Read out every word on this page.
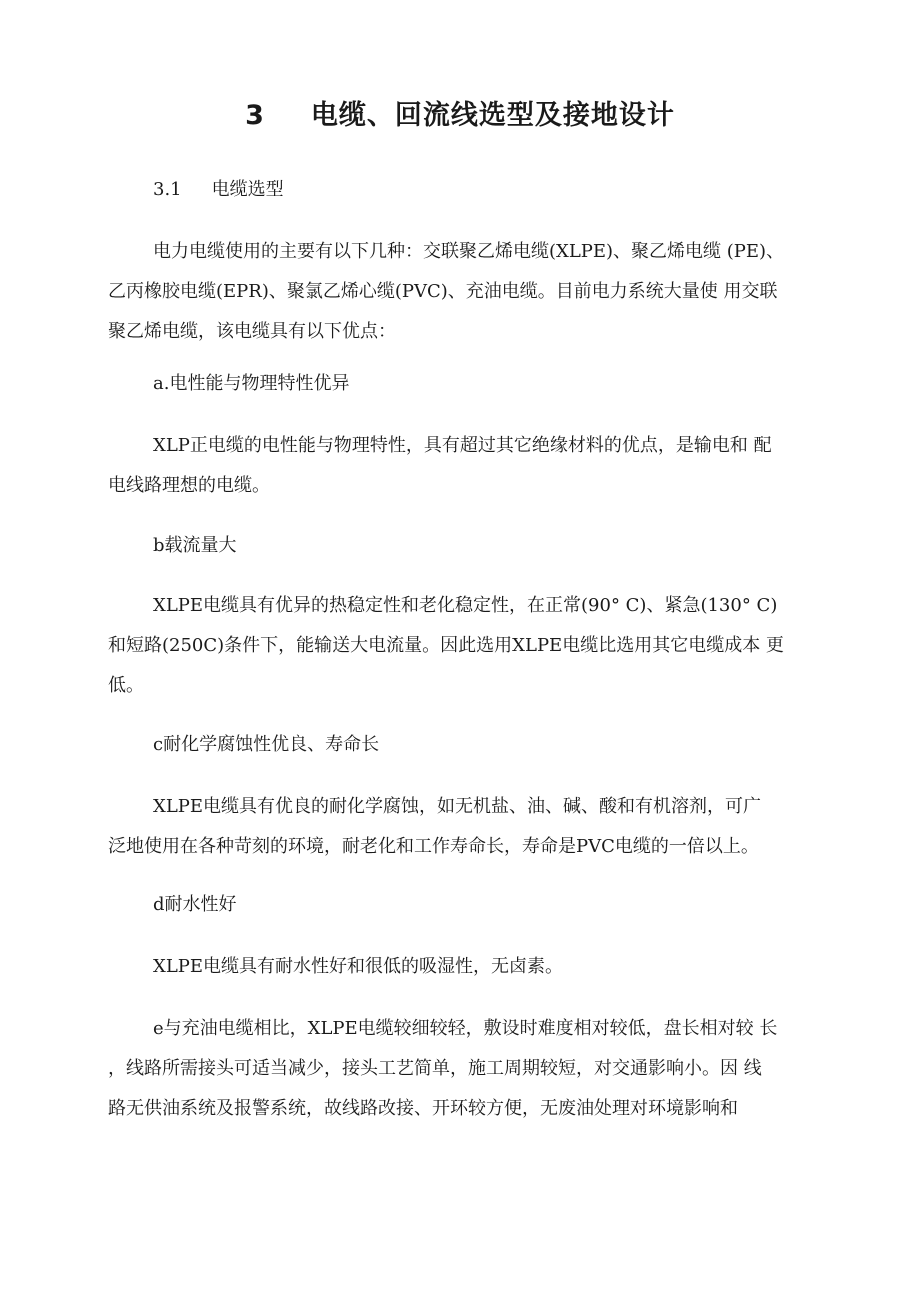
3 电缆、回流线选型及接地设计
3.1 电缆选型
电力电缆使用的主要有以下几种：交联聚乙烯电缆(XLPE)、聚乙烯电缆 (PE)、
乙丙橡胶电缆(EPR)、聚氯乙烯心缆(PVC)、充油电缆。目前电力系统大量使 用交联
聚乙烯电缆，该电缆具有以下优点：
a.电性能与物理特性优异
XLP正电缆的电性能与物理特性，具有超过其它绝缘材料的优点，是输电和 配
电线路理想的电缆。
b载流量大
XLPE电缆具有优异的热稳定性和老化稳定性，在正常(90° C)、紧急(130° C)
和短路(250C)条件下，能输送大电流量。因此选用XLPE电缆比选用其它电缆成本 更
低。
c耐化学腐蚀性优良、寿命长
XLPE电缆具有优良的耐化学腐蚀，如无机盐、油、碱、酸和有机溶剂，可广
泛地使用在各种苛刻的环境，耐老化和工作寿命长，寿命是PVC电缆的一倍以上。
d耐水性好
XLPE电缆具有耐水性好和很低的吸湿性，无卤素。
e与充油电缆相比，XLPE电缆较细较轻，敷设时难度相对较低，盘长相对较 长
，线路所需接头可适当减少，接头工艺简单，施工周期较短，对交通影响小。因 线
路无供油系统及报警系统，故线路改接、开环较方便，无废油处理对环境影响和
